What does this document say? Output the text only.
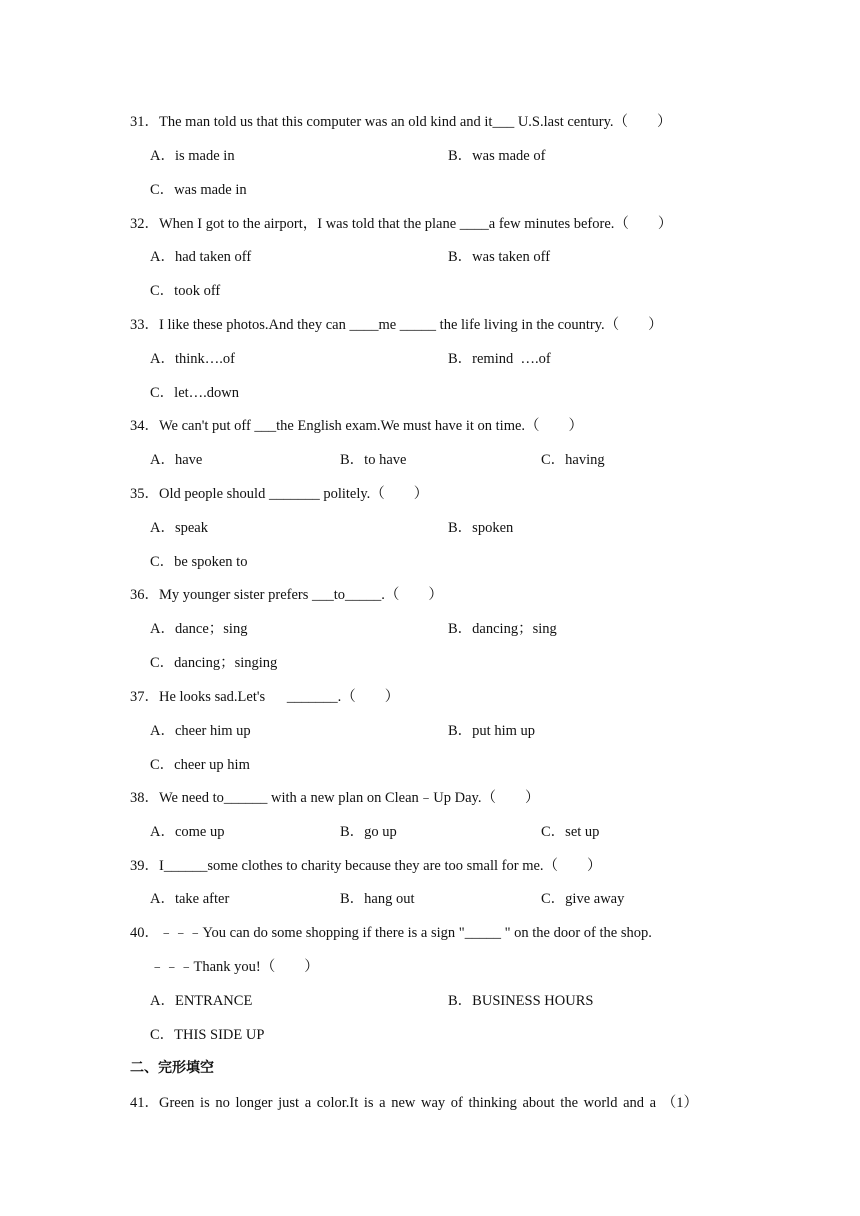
31．The man told us that this computer was an old kind and it___ U.S.last century.（　　）
A．is made in	B．was made of
C．was made in
32．When I got to the airport，I was told that the plane ____a few minutes before.（　　）
A．had taken off	B．was taken off
C．took off
33．I like these photos.And they can ____me _____ the life living in the country.（　　）
A．think….of	B．remind  ….of
C．let….down
34．We can't put off ___the English exam.We must have it on time.（　　）
A．have	B．to have	C．having
35．Old people should _______ politely.（　　）
A．speak	B．spoken
C．be spoken to
36．My younger sister prefers ___to_____.（　　）
A．dance；sing	B．dancing；sing
C．dancing；singing
37．He looks sad.Let's      _______.（　　）
A．cheer him up	B．put him up
C．cheer up him
38．We need to______ with a new plan on Clean﹣Up Day.（　　）
A．come up	B．go up	C．set up
39．I______some clothes to charity because they are too small for me.（　　）
A．take after	B．hang out	C．give away
40．﹣﹣﹣You can do some shopping if there is a sign "_____ " on the door of the shop.
﹣﹣﹣Thank you!（　　）
A．ENTRANCE	B．BUSINESS HOURS
C．THIS SIDE UP
二、完形填空
41．Green is no longer just a color.It is a new way of thinking about the world and a （1）
